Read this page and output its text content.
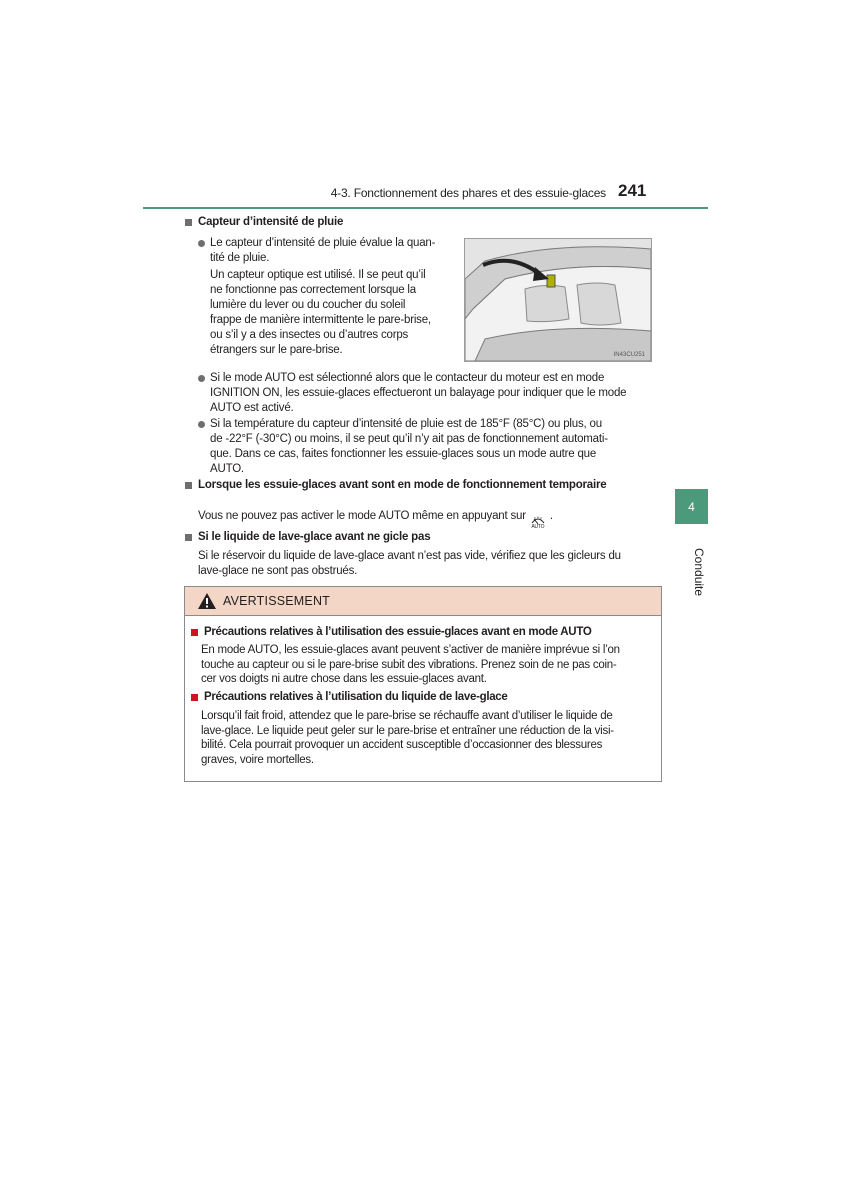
4-3. Fonctionnement des phares et des essuie-glaces 241
4
Conduite
Capteur d’intensité de pluie
Le capteur d’intensité de pluie évalue la quan-
tité de pluie.
Un capteur optique est utilisé. Il se peut qu’il
ne fonctionne pas correctement lorsque la
lumière du lever ou du coucher du soleil
frappe de manière intermittente le pare-brise,
ou s’il y a des insectes ou d’autres corps
étrangers sur le pare-brise.	IN43CU251
Si le mode AUTO est sélectionné alors que le contacteur du moteur est en mode
IGNITION ON, les essuie-glaces effectueront un balayage pour indiquer que le mode
AUTO est activé.
Si la température du capteur d’intensité de pluie est de 185°F (85°C) ou plus, ou
de -22°F (-30°C) ou moins, il se peut qu’il n’y ait pas de fonctionnement automati-
que. Dans ce cas, faites fonctionner les essuie-glaces sous un mode autre que
AUTO.
Lorsque les essuie-glaces avant sont en mode de fonctionnement temporaire
Vous ne pouvez pas activer le mode AUTO même en appuyant sur
AUTO
.
Si le liquide de lave-glace avant ne gicle pas
Si le réservoir du liquide de lave-glace avant n’est pas vide, vérifiez que les gicleurs du
lave-glace ne sont pas obstrués.
AVERTISSEMENT
Précautions relatives à l’utilisation des essuie-glaces avant en mode AUTO
En mode AUTO, les essuie-glaces avant peuvent s’activer de manière imprévue si l’on
touche au capteur ou si le pare-brise subit des vibrations. Prenez soin de ne pas coin-
cer vos doigts ni autre chose dans les essuie-glaces avant.
Précautions relatives à l’utilisation du liquide de lave-glace
Lorsqu’il fait froid, attendez que le pare-brise se réchauffe avant d’utiliser le liquide de
lave-glace. Le liquide peut geler sur le pare-brise et entraîner une réduction de la visi-
bilité. Cela pourrait provoquer un accident susceptible d’occasionner des blessures
graves, voire mortelles.
